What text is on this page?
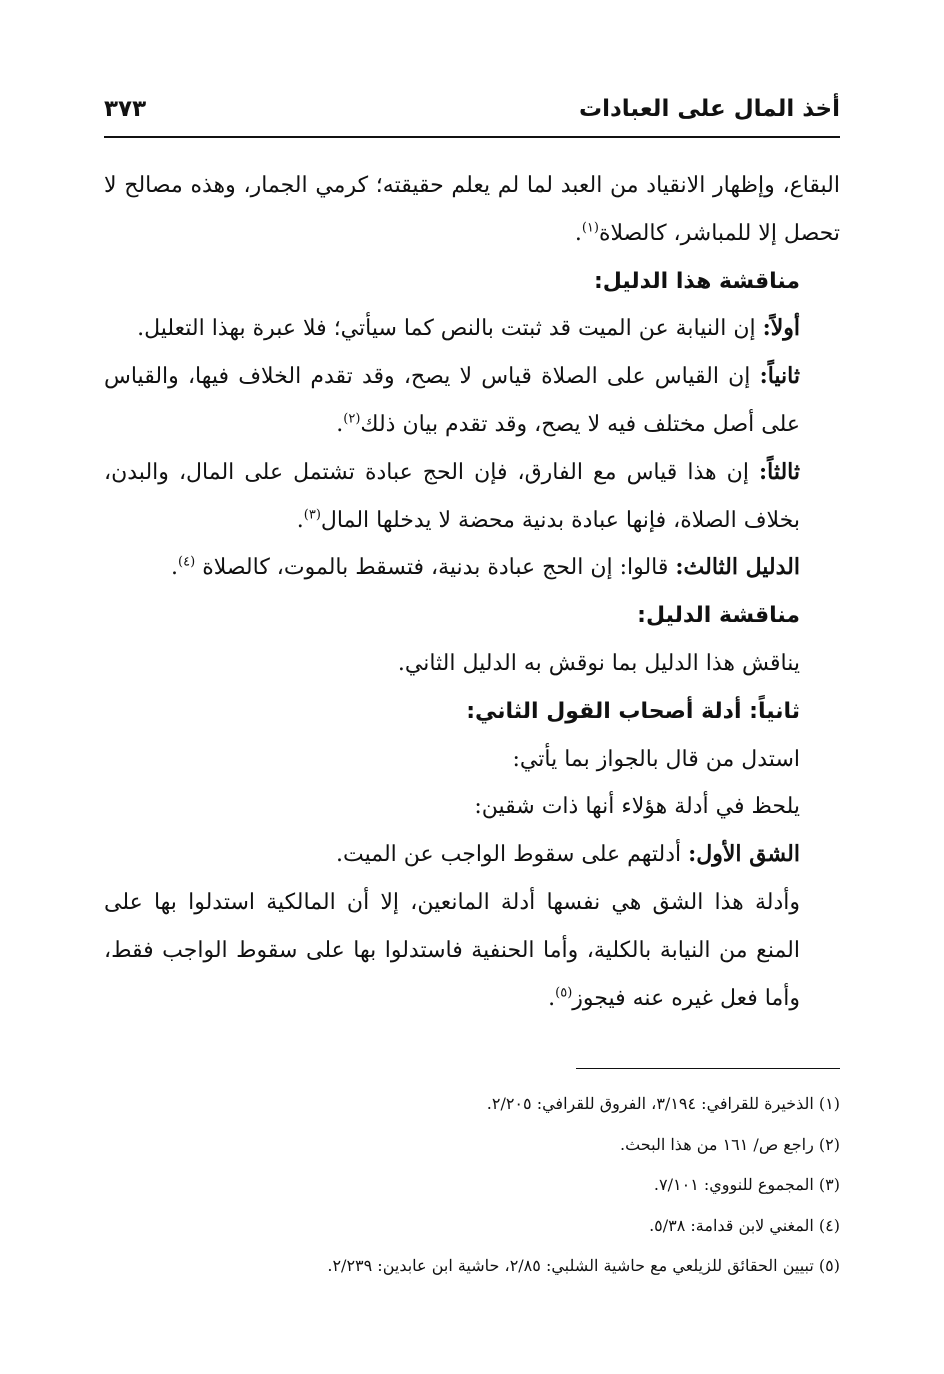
أخذ المال على العبادات
٣٧٣

البقاع، وإظهار الانقياد من العبد لما لم يعلم حقيقته؛ كرمي الجمار، وهذه مصالح لا تحصل إلا للمباشر، كالصلاة$^{(١)}$.

مناقشة هذا الدليل:

أولاً: إن النيابة عن الميت قد ثبتت بالنص كما سيأتي؛ فلا عبرة بهذا التعليل.

ثانياً: إن القياس على الصلاة قياس لا يصح، وقد تقدم الخلاف فيها، والقياس على أصل مختلف فيه لا يصح، وقد تقدم بيان ذلك$^{(٢)}$.

ثالثاً: إن هذا قياس مع الفارق، فإن الحج عبادة تشتمل على المال، والبدن، بخلاف الصلاة، فإنها عبادة بدنية محضة لا يدخلها المال$^{(٣)}$.

الدليل الثالث: قالوا: إن الحج عبادة بدنية، فتسقط بالموت، كالصلاة $^{(٤)}$.

مناقشة الدليل:

يناقش هذا الدليل بما نوقش به الدليل الثاني.

ثانياً: أدلة أصحاب القول الثاني:

استدل من قال بالجواز بما يأتي:

يلحظ في أدلة هؤلاء أنها ذات شقين:

الشق الأول: أدلتهم على سقوط الواجب عن الميت.

وأدلة هذا الشق هي نفسها أدلة المانعين، إلا أن المالكية استدلوا بها على المنع من النيابة بالكلية، وأما الحنفية فاستدلوا بها على سقوط الواجب فقط، وأما فعل غيره عنه فيجوز$^{(٥)}$.

(١) الذخيرة للقرافي: ٣/١٩٤، الفروق للقرافي: ٢/٢٠٥.
(٢) راجع ص/ ١٦١ من هذا البحث.
(٣) المجموع للنووي: ٧/١٠١.
(٤) المغني لابن قدامة: ٥/٣٨.
(٥) تبيين الحقائق للزيلعي مع حاشية الشلبي: ٢/٨٥، حاشية ابن عابدين: ٢/٢٣٩.
